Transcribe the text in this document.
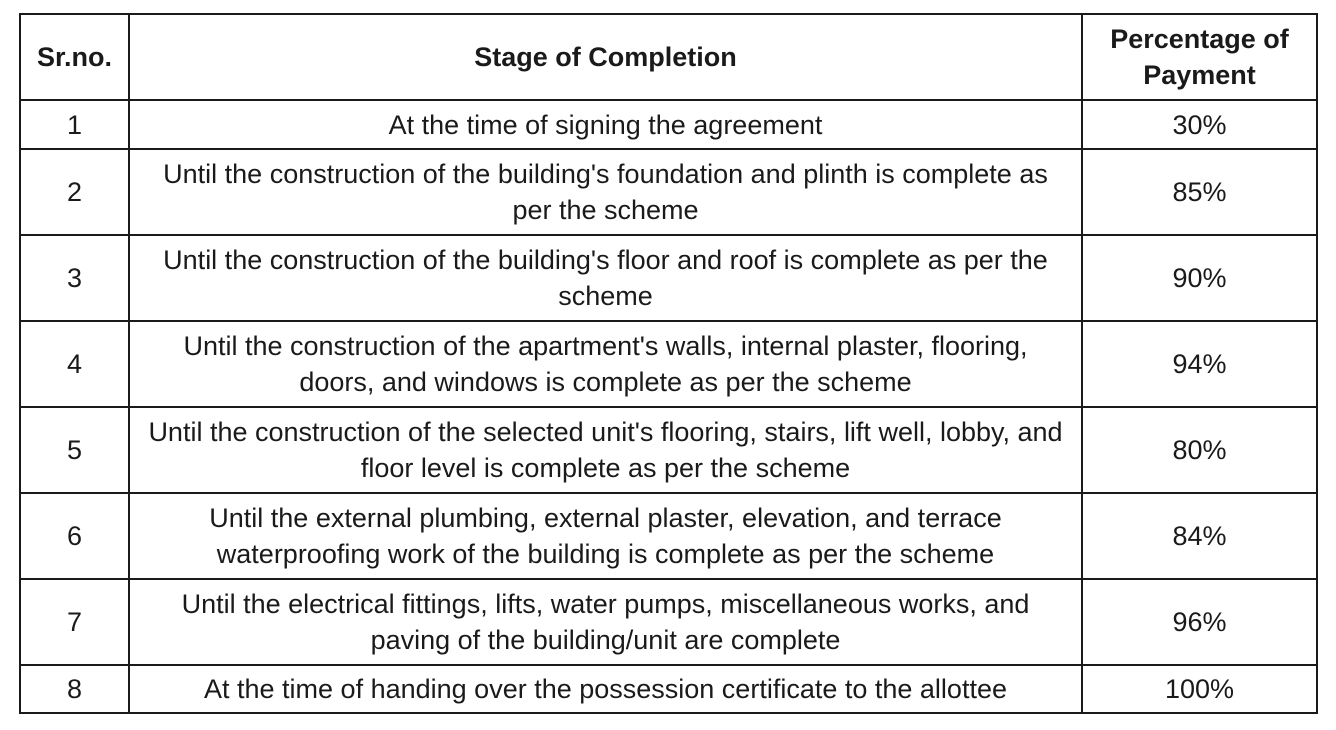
Sr.no.	Stage of Completion	Percentage of Payment
1	At the time of signing the agreement	30%
2	Until the construction of the building's foundation and plinth is complete as per the scheme	85%
3	Until the construction of the building's floor and roof is complete as per the scheme	90%
4	Until the construction of the apartment's walls, internal plaster, flooring, doors, and windows is complete as per the scheme	94%
5	Until the construction of the selected unit's flooring, stairs, lift well, lobby, and floor level is complete as per the scheme	80%
6	Until the external plumbing, external plaster, elevation, and terrace waterproofing work of the building is complete as per the scheme	84%
7	Until the electrical fittings, lifts, water pumps, miscellaneous works, and paving of the building/unit are complete	96%
8	At the time of handing over the possession certificate to the allottee	100%
